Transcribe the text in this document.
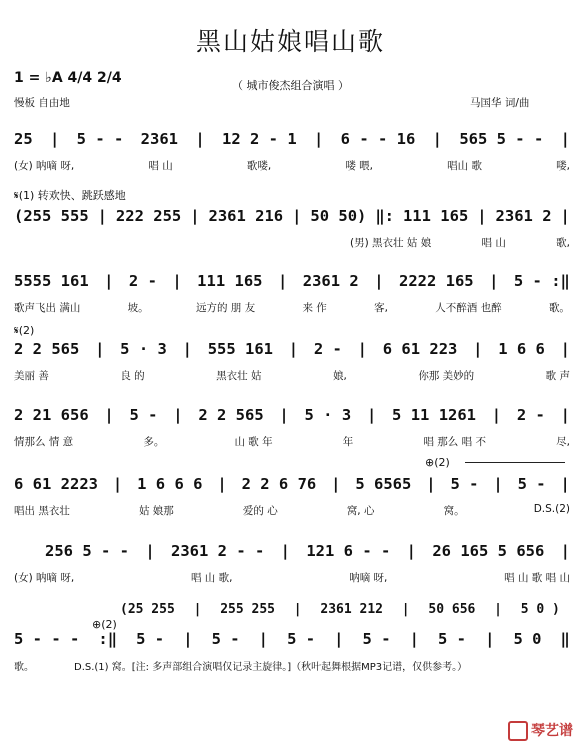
黑山姑娘唱山歌
1 = ♭A 4/4 2/4	（ 城市俊杰组合演唱 ）
慢板 自由地	马国华 词/曲
25 | 5 - - 2361 | 12 2 - 1 | 6 - - 16 | 565 5 - - |
(女) 呐嘀 呀,	唱 山	歌喽,	喽 喂,	唱山 歌	喽,
𝄋(1) 转欢快、跳跃感地
(255 555 | 222 255 | 2361 216 | 50 50) ‖: 111 165 | 2361 2 |
(男) 黑衣壮 姑 娘	唱 山	歌,
5555 161 | 2 - | 111 165 | 2361 2 | 2222 165 | 5 - :‖
歌声飞出 满山	坡。	远方的 朋 友	来 作	客,	人不醉酒 也醉	歌。
𝄋(2)
2 2 565 | 5 · 3 | 555 161 | 2 - | 6 61 223 | 1 6 6 |
美丽 善	良 的	黑衣壮 姑	娘,	你那 美妙的	歌 声
2 21 656 | 5 - | 2 2 565 | 5 · 3 | 5 11 1261 | 2 - |
情那么 情 意	多。	山 歌 年	年	唱 那么 唱 不	尽,
⊕(2)
6 61 2223 | 1 6 6 6 | 2 2 6 76 | 5 6565 | 5 - | 5 - |
唱出 黑衣壮	姑 娘那	爱的 心	窝, 心	窝。	D.S.(2)
256 5 - - | 2361 2 - - | 121 6 - - | 26 165 5 656 |
(女) 呐嘀 呀,	唱 山 歌,	呐嘀 呀,	唱 山 歌 唱 山
(25 255 | 255 255 | 2361 212 | 50 656 | 5 0 )
⊕(2)
5 - - - :‖ 5 - | 5 - | 5 - | 5 - | 5 - | 5 0 ‖
歌。	D.S.(1) 窝。[注: 多声部组合演唱仅记录主旋律。]（秋叶起舞根据MP3记谱，仅供参考。）
琴艺谱
